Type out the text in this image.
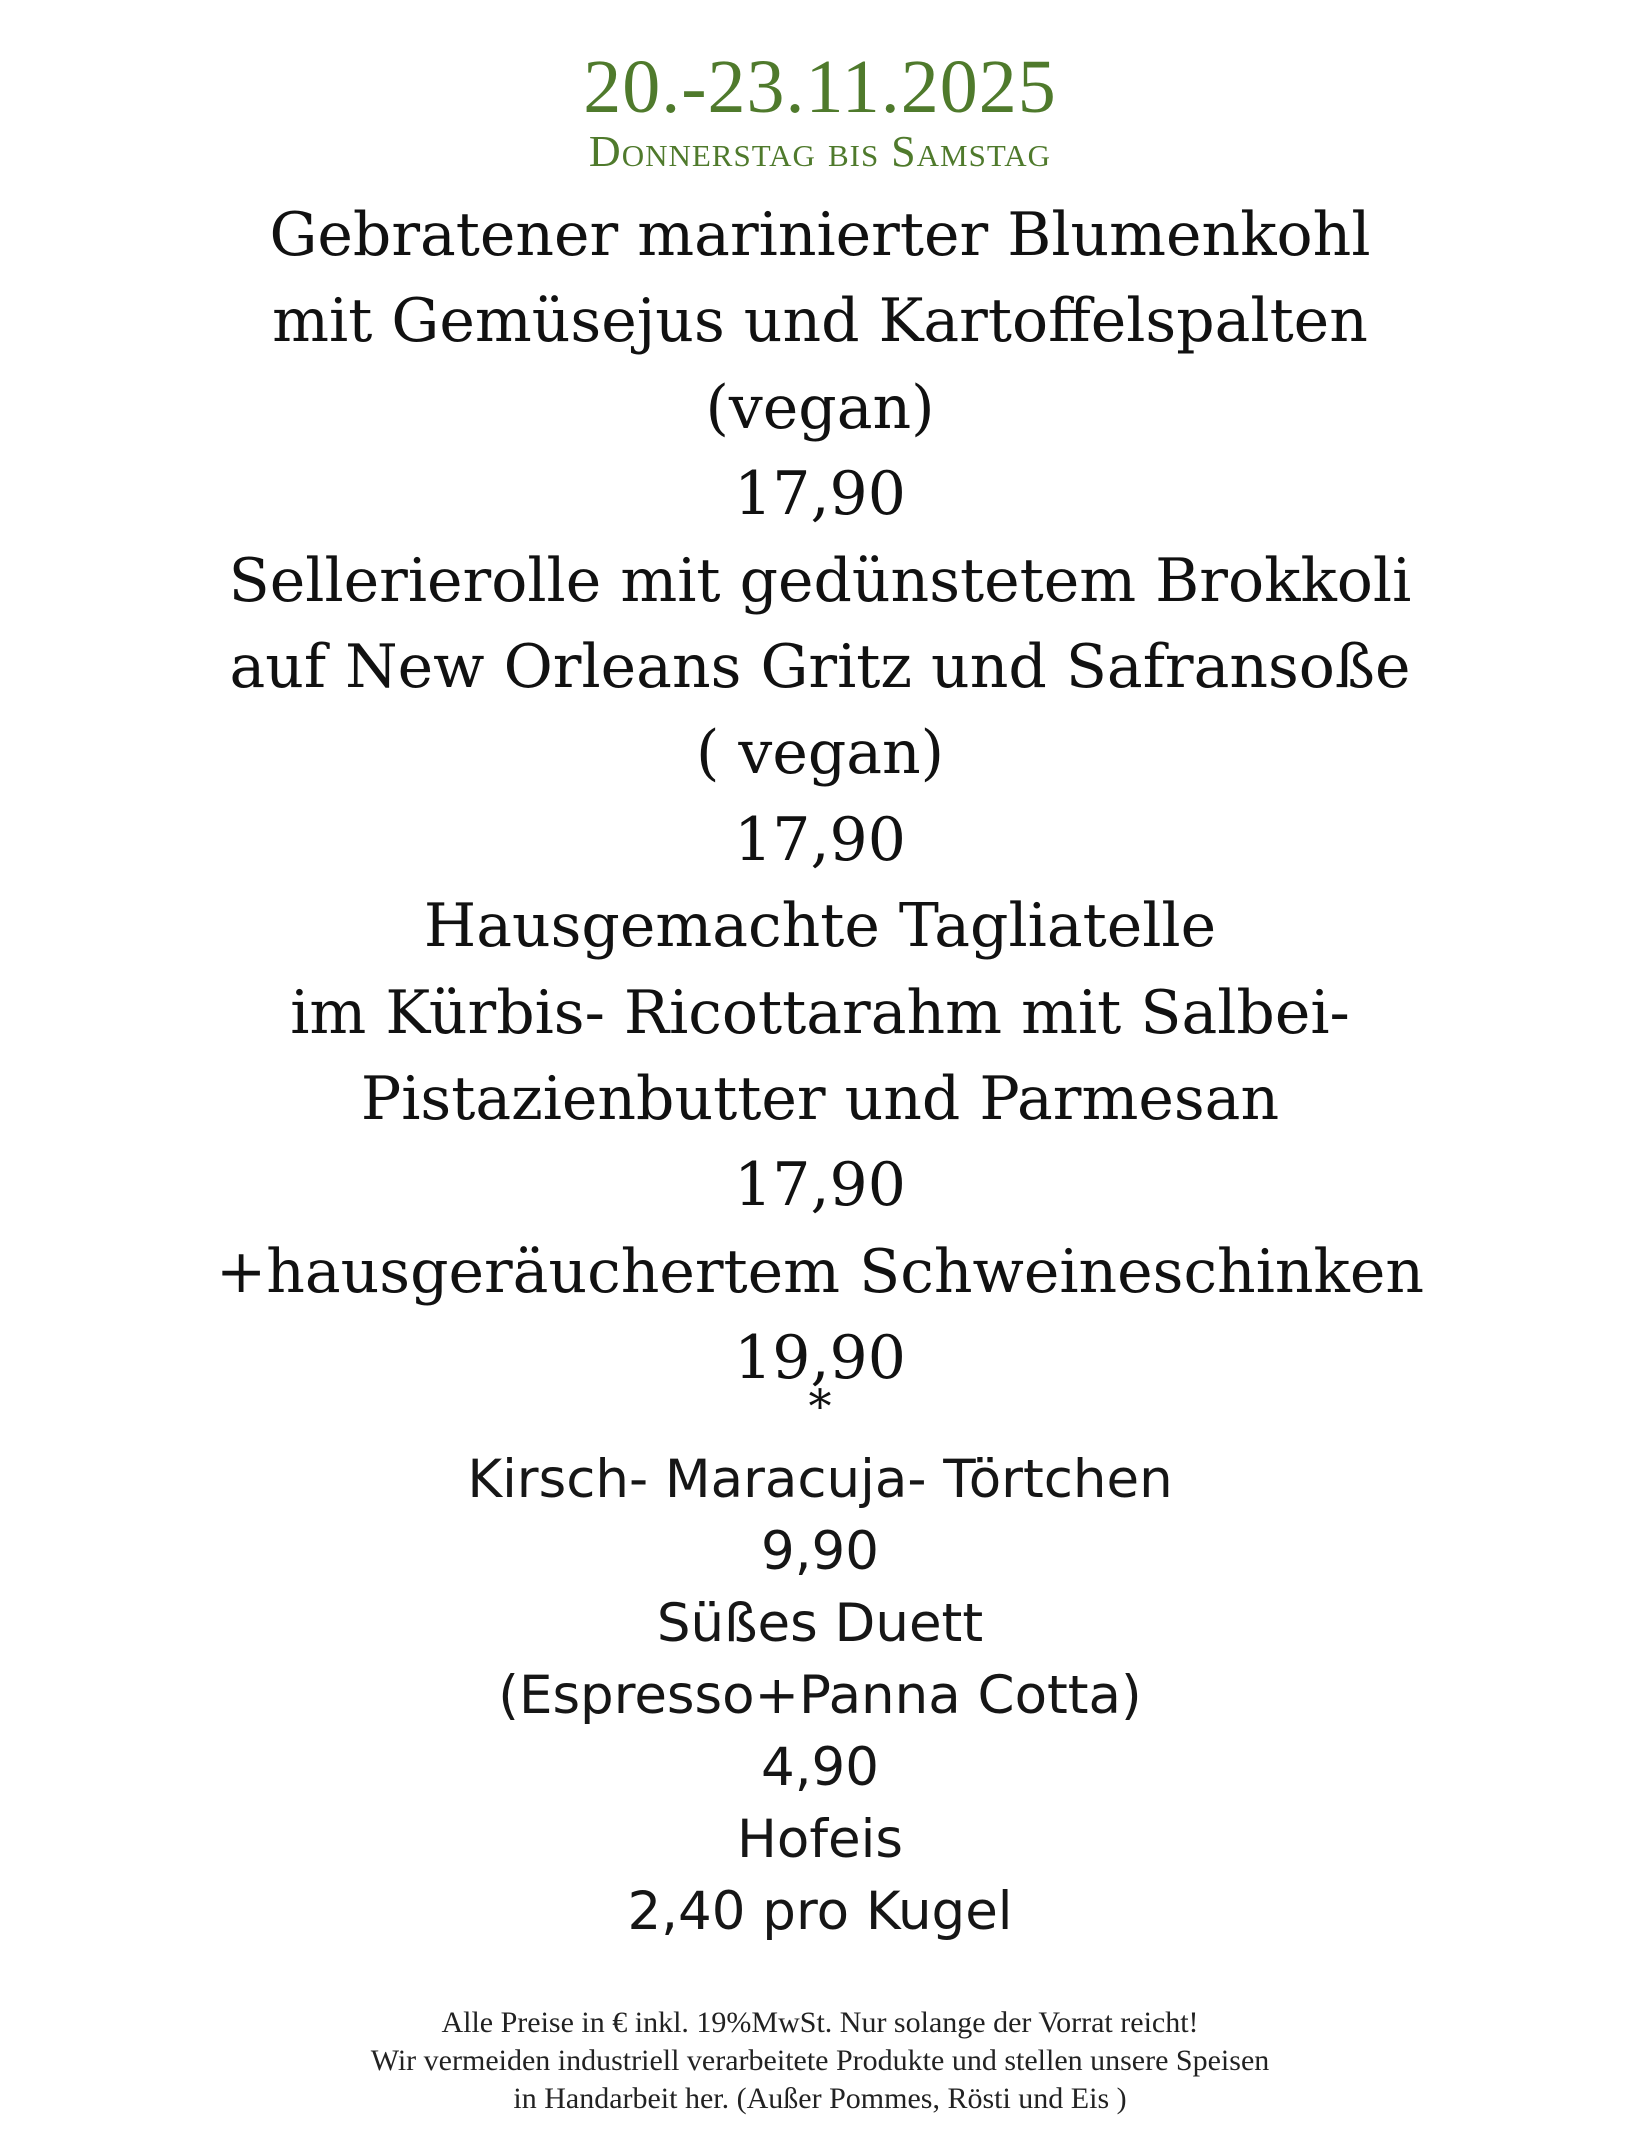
20.-23.11.2025
Donnerstag bis Samstag
Gebratener marinierter Blumenkohl
mit Gemüsejus und Kartoffelspalten
(vegan)
17,90
Sellerierolle mit gedünstetem Brokkoli
auf New Orleans Gritz und Safransoße
( vegan)
17,90
Hausgemachte Tagliatelle
im Kürbis- Ricottarahm mit Salbei-
Pistazienbutter und Parmesan
17,90
+hausgeräuchertem Schweineschinken
19,90
*
Kirsch- Maracuja- Törtchen
9,90
Süßes Duett
(Espresso+Panna Cotta)
4,90
Hofeis
2,40 pro Kugel
Alle Preise in € inkl. 19%MwSt. Nur solange der Vorrat reicht!
Wir vermeiden industriell verarbeitete Produkte und stellen unsere Speisen
in Handarbeit her. (Außer Pommes, Rösti und Eis )
